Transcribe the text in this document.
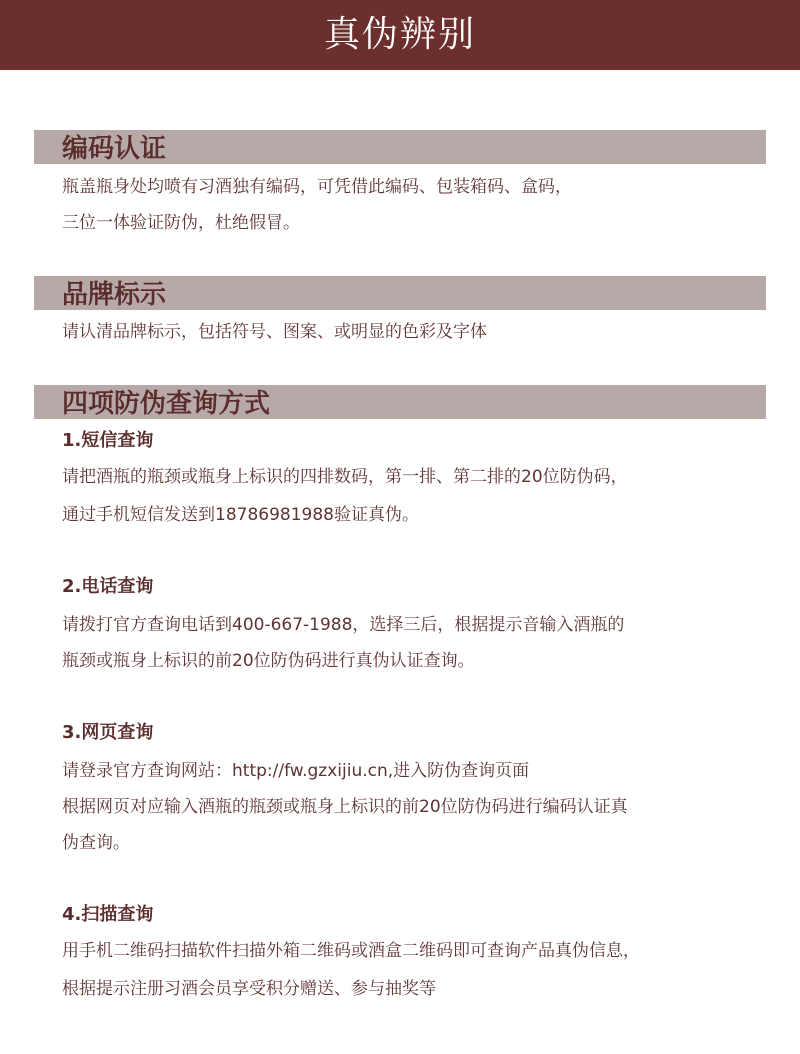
真伪辨别
编码认证
瓶盖瓶身处均喷有习酒独有编码，可凭借此编码、包装箱码、盒码，
三位一体验证防伪，杜绝假冒。
品牌标示
请认清品牌标示，包括符号、图案、或明显的色彩及字体
四项防伪查询方式
1.短信查询
请把酒瓶的瓶颈或瓶身上标识的四排数码，第一排、第二排的20位防伪码，
通过手机短信发送到18786981988验证真伪。
2.电话查询
请拨打官方查询电话到400-667-1988，选择三后，根据提示音输入酒瓶的
瓶颈或瓶身上标识的前20位防伪码进行真伪认证查询。
3.网页查询
请登录官方查询网站：http://fw.gzxijiu.cn,进入防伪查询页面
根据网页对应输入酒瓶的瓶颈或瓶身上标识的前20位防伪码进行编码认证真
伪查询。
4.扫描查询
用手机二维码扫描软件扫描外箱二维码或酒盒二维码即可查询产品真伪信息，
根据提示注册习酒会员享受积分赠送、参与抽奖等
